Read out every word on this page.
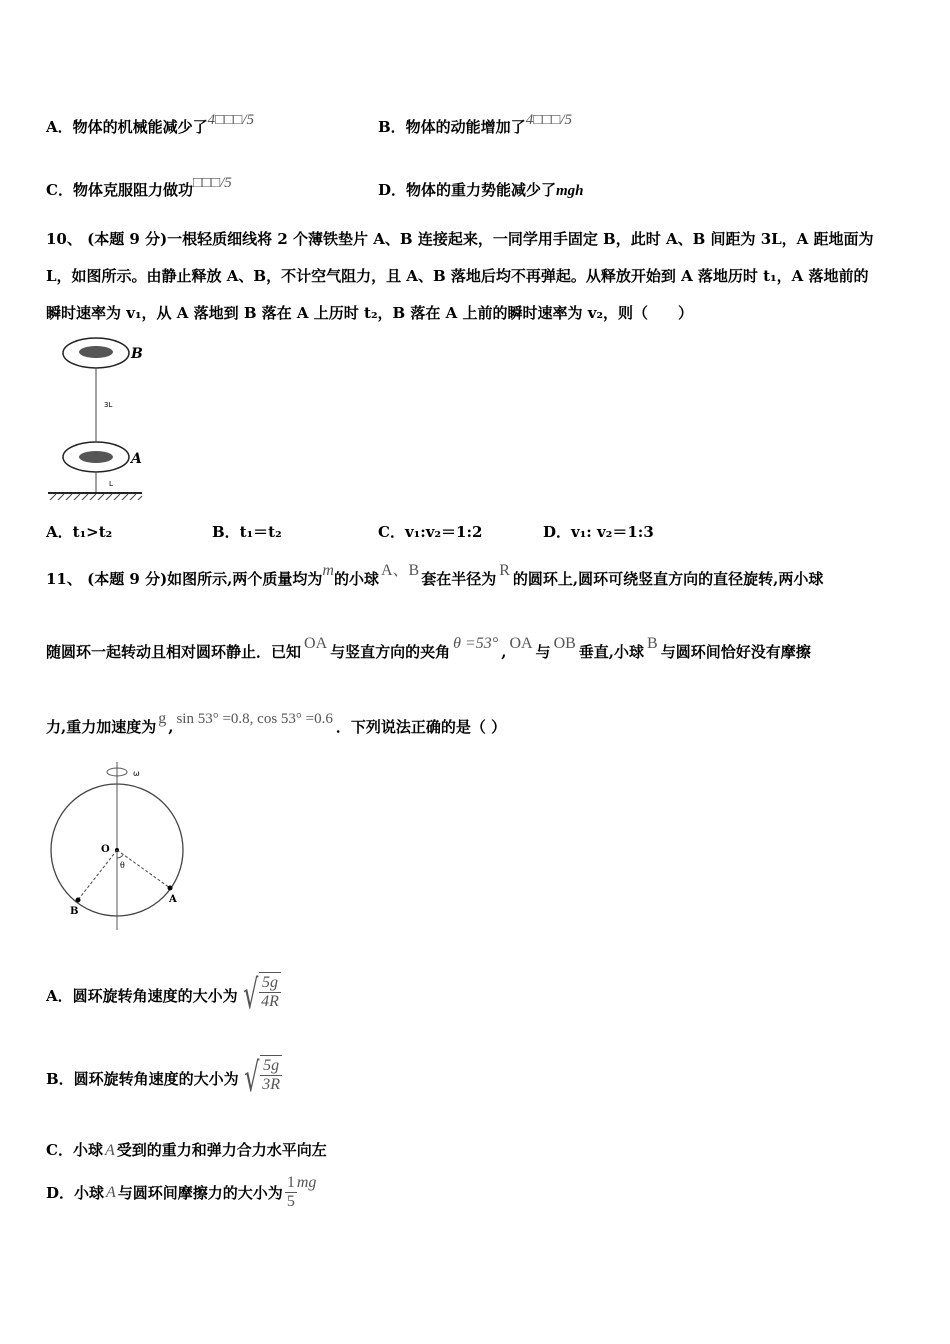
A．物体的机械能减少了4□□□/5	B．物体的动能增加了4□□□/5
C．物体克服阻力做功□□□/5	D．物体的重力势能减少了mgh
10、 (本题 9 分)一根轻质细线将 2 个薄铁垫片 A、B 连接起来，一同学用手固定 B，此时 A、B 间距为 3L，A 距地面为
L，如图所示。由静止释放 A、B，不计空气阻力，且 A、B 落地后均不再弹起。从释放开始到 A 落地历时 t₁，A 落地前的
瞬时速率为 v₁，从 A 落地到 B 落在 A 上历时 t₂，B 落在 A 上前的瞬时速率为 v₂，则（　　）
B
A
3L
L
A．t₁>t₂	B．t₁＝t₂	C．v₁:v₂＝1:2	D．v₁: v₂＝1:3
11、 (本题 9 分)如图所示,两个质量均为m的小球 A、B 套在半径为 R 的圆环上,圆环可绕竖直方向的直径旋转,两小球
随圆环一起转动且相对圆环静止．已知 OA 与竖直方向的夹角 θ =53° , OA 与 OB 垂直,小球 B 与圆环间恰好没有摩擦
力,重力加速度为 g , sin 53° =0.8, cos 53° =0.6 ．下列说法正确的是（ ）
ω
O
θ
A
B
A．圆环旋转角速度的大小为 √ $\frac{5g}{4R}$
B．圆环旋转角速度的大小为 √ $\frac{5g}{3R}$
C．小球 A 受到的重力和弹力合力水平向左
D．小球 A 与圆环间摩擦力的大小为 $\frac{1}{5}$ mg
